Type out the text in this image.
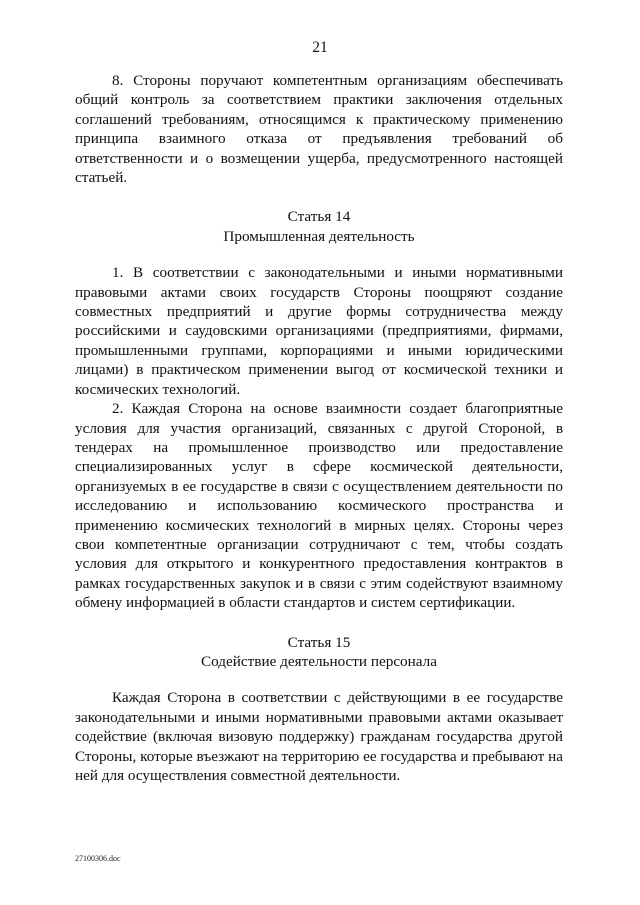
21

8. Стороны поручают компетентным организациям обеспечивать общий контроль за соответствием практики заключения отдельных соглашений требованиям, относящимся к практическому применению принципа взаимного отказа от предъявления требований об ответственности и о возмещении ущерба, предусмотренного настоящей статьей.

Статья 14
Промышленная деятельность

1. В соответствии с законодательными и иными нормативными правовыми актами своих государств Стороны поощряют создание совместных предприятий и другие формы сотрудничества между российскими и саудовскими организациями (предприятиями, фирмами, промышленными группами, корпорациями и иными юридическими лицами) в практическом применении выгод от космической техники и космических технологий.

2. Каждая Сторона на основе взаимности создает благоприятные условия для участия организаций, связанных с другой Стороной, в тендерах на промышленное производство или предоставление специализированных услуг в сфере космической деятельности, организуемых в ее государстве в связи с осуществлением деятельности по исследованию и использованию космического пространства и применению космических технологий в мирных целях. Стороны через свои компетентные организации сотрудничают с тем, чтобы создать условия для открытого и конкурентного предоставления контрактов в рамках государственных закупок и в связи с этим содействуют взаимному обмену информацией в области стандартов и систем сертификации.

Статья 15
Содействие деятельности персонала

Каждая Сторона в соответствии с действующими в ее государстве законодательными и иными нормативными правовыми актами оказывает содействие (включая визовую поддержку) гражданам государства другой Стороны, которые въезжают на территорию ее государства и пребывают на ней для осуществления совместной деятельности.

27100306.doc
